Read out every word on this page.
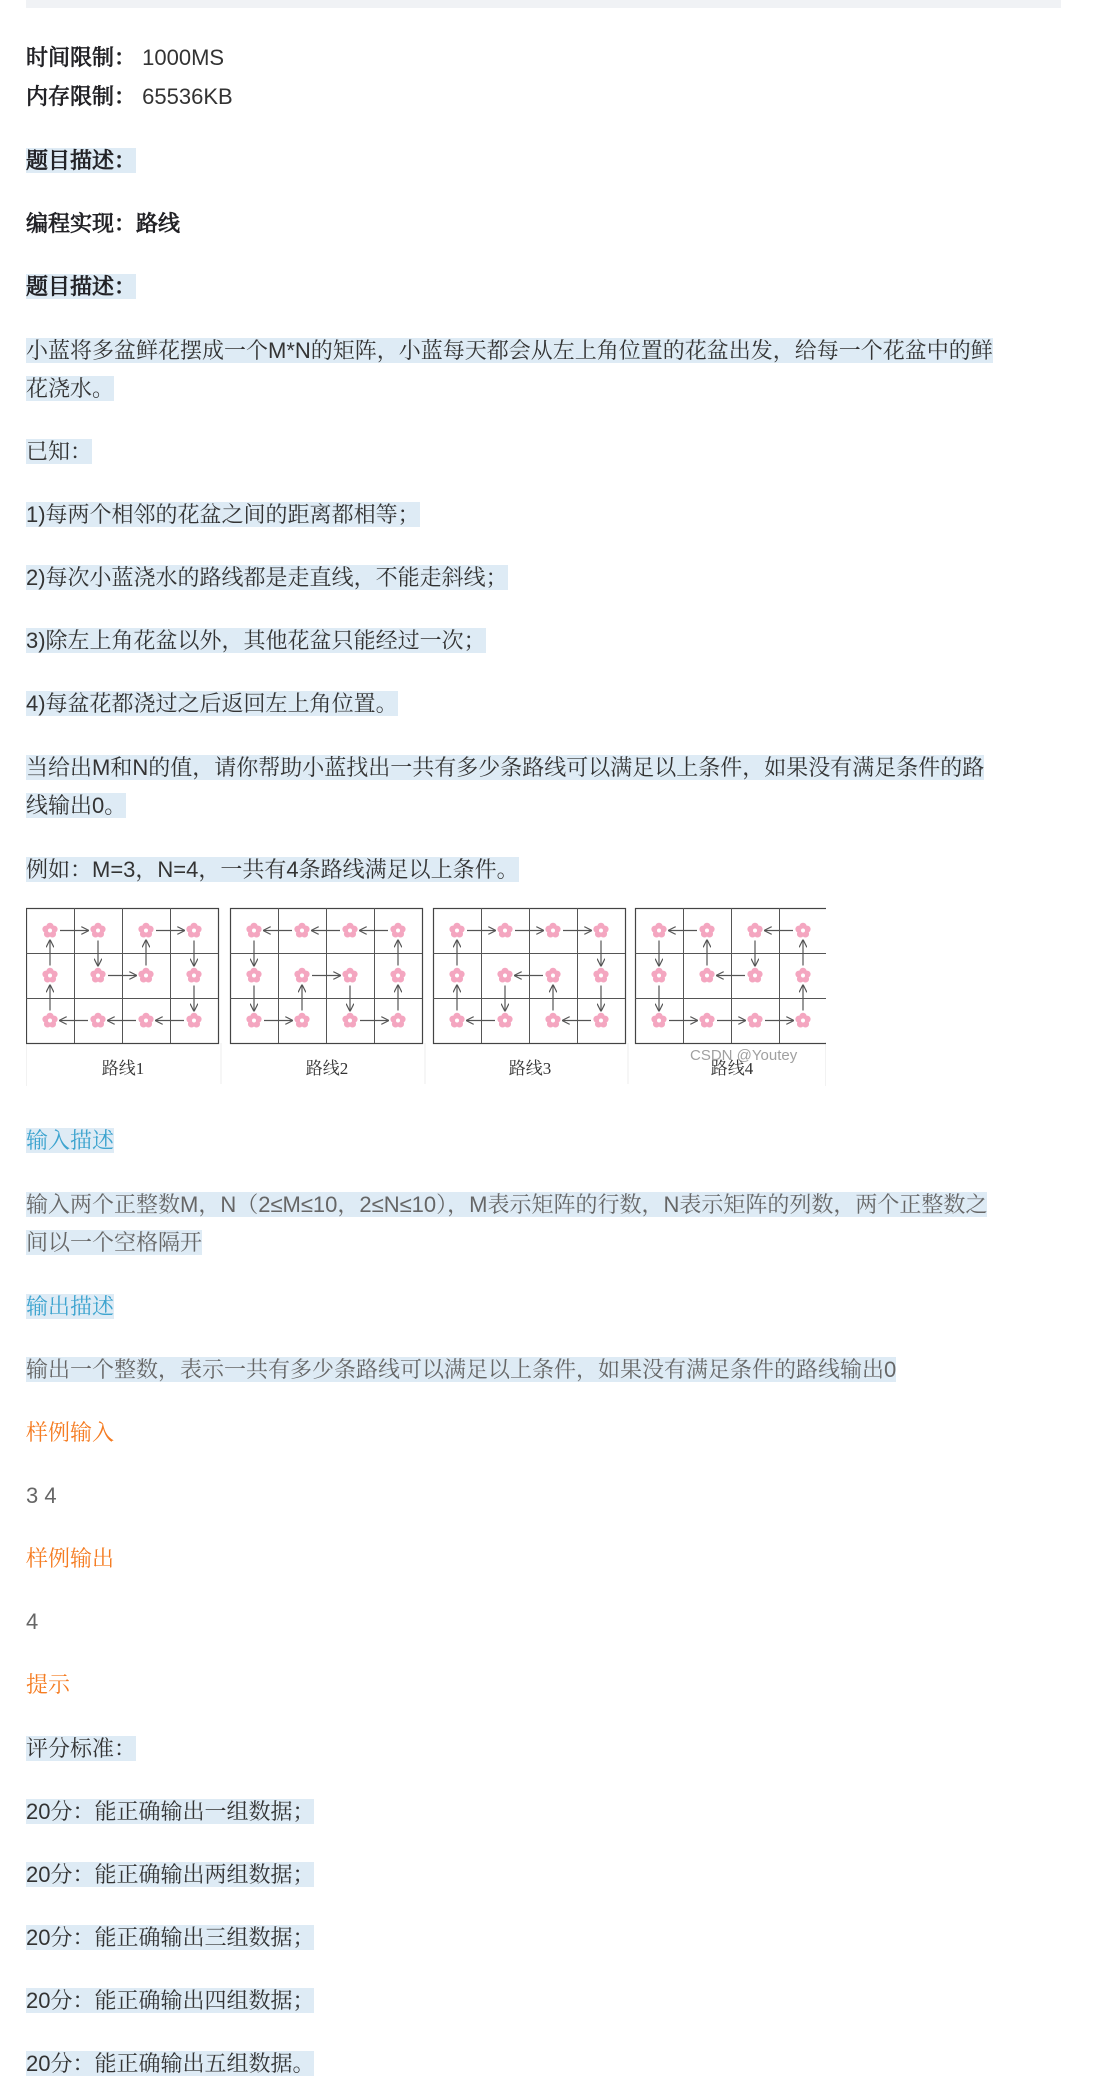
时间限制： 1000MS
内存限制： 65536KB
题目描述：
编程实现：路线
题目描述：
小蓝将多盆鲜花摆成一个M*N的矩阵，小蓝每天都会从左上角位置的花盆出发，给每一个花盆中的鲜
花浇水。
已知：
1)每两个相邻的花盆之间的距离都相等；
2)每次小蓝浇水的路线都是走直线，不能走斜线；
3)除左上角花盆以外，其他花盆只能经过一次；
4)每盆花都浇过之后返回左上角位置。
当给出M和N的值，请你帮助小蓝找出一共有多少条路线可以满足以上条件，如果没有满足条件的路
线输出0。
例如：M=3，N=4，一共有4条路线满足以上条件。
路线1	路线2	路线3	路线4
CSDN @Youtey
输入描述
输入两个正整数M，N（2≤M≤10，2≤N≤10），M表示矩阵的行数，N表示矩阵的列数，两个正整数之
间以一个空格隔开
输出描述
输出一个整数，表示一共有多少条路线可以满足以上条件，如果没有满足条件的路线输出0
样例输入
3 4
样例输出
4
提示
评分标准：
20分：能正确输出一组数据；
20分：能正确输出两组数据；
20分：能正确输出三组数据；
20分：能正确输出四组数据；
20分：能正确输出五组数据。
